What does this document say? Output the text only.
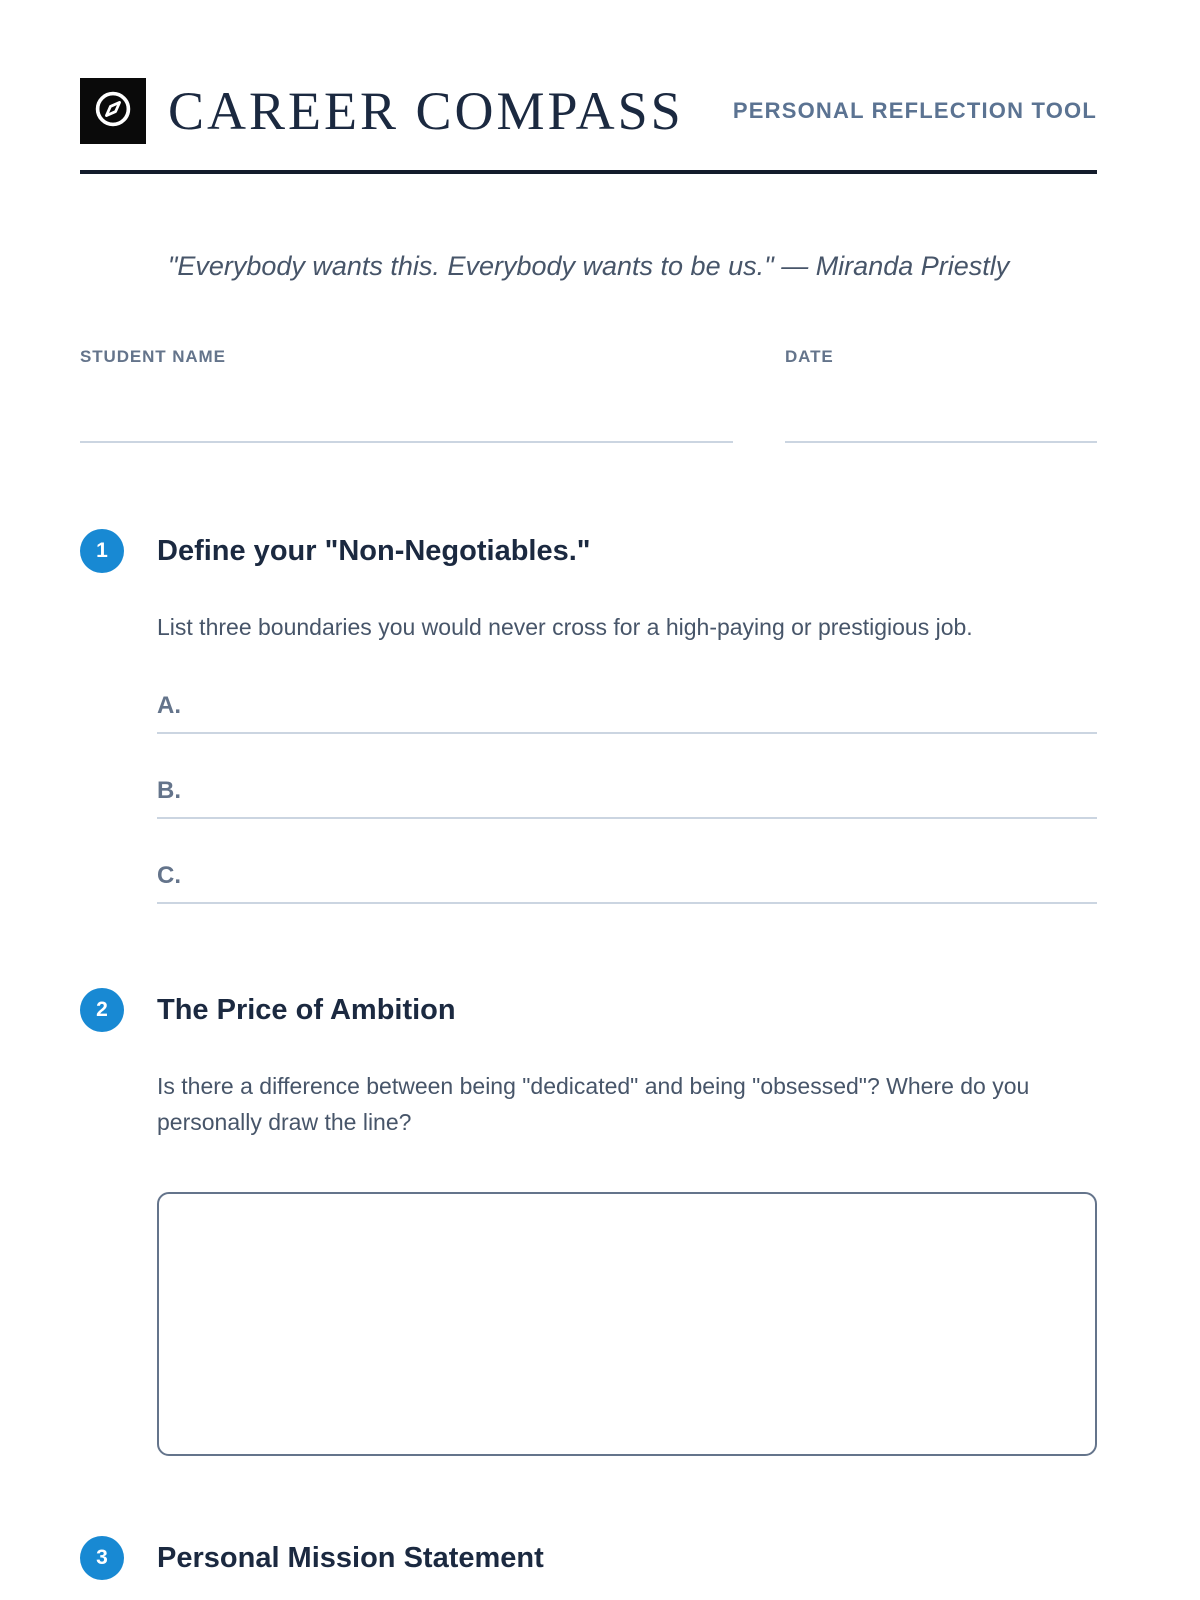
CAREER COMPASS PERSONAL REFLECTION TOOL
"Everybody wants this. Everybody wants to be us." — Miranda Priestly
STUDENT NAME	DATE
1	Define your "Non-Negotiables."
List three boundaries you would never cross for a high-paying or prestigious job.
A.
B.
C.
2	The Price of Ambition
Is there a difference between being "dedicated" and being "obsessed"? Where do you personally draw the line?
3	Personal Mission Statement
